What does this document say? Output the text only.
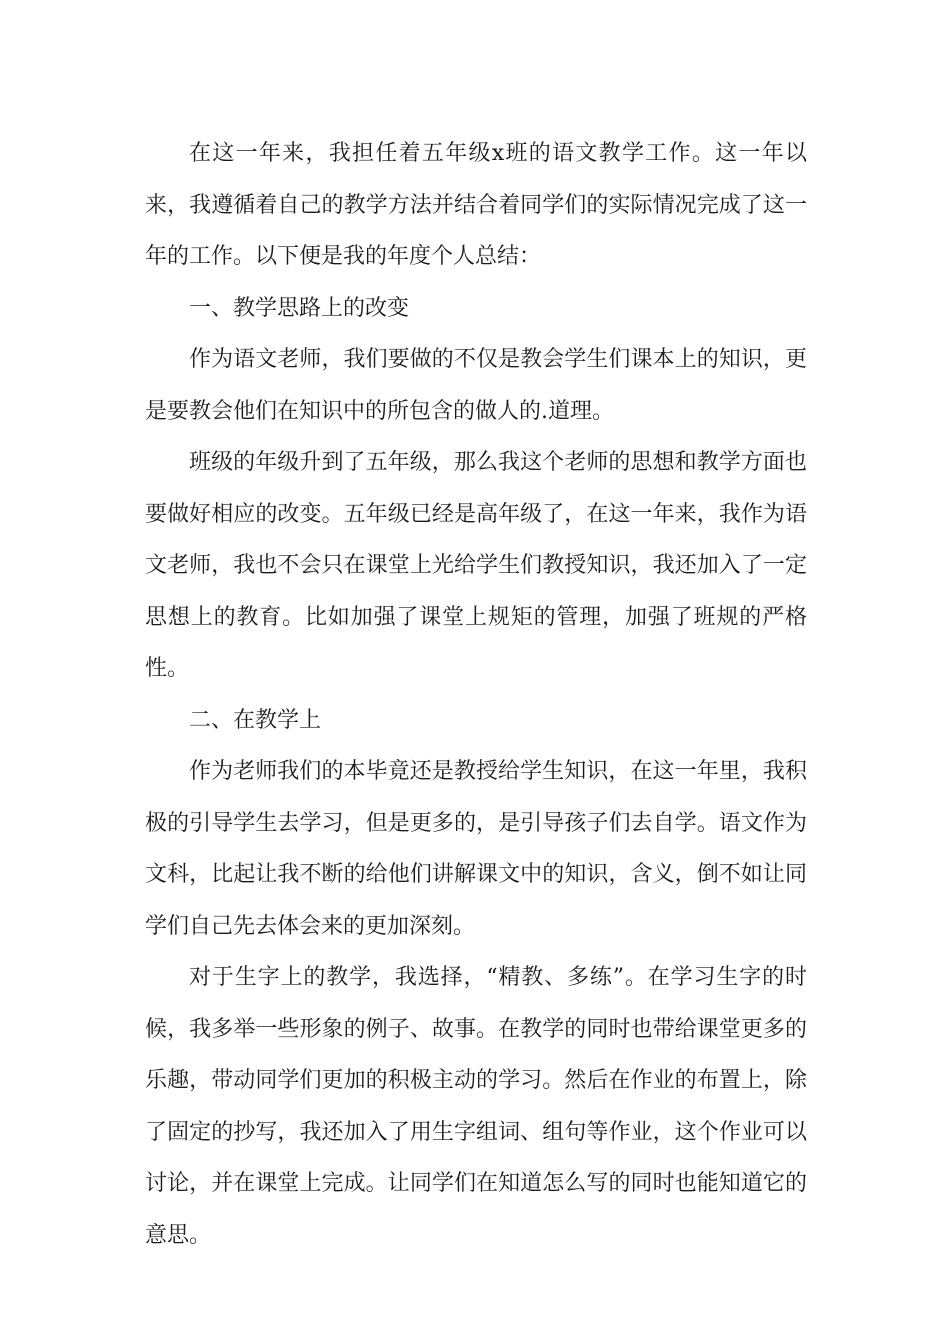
在这一年来，我担任着五年级x班的语文教学工作。这一年以来，我遵循着自己的教学方法并结合着同学们的实际情况完成了这一年的工作。以下便是我的年度个人总结：

一、教学思路上的改变

作为语文老师，我们要做的不仅是教会学生们课本上的知识，更是要教会他们在知识中的所包含的做人的.道理。

班级的年级升到了五年级，那么我这个老师的思想和教学方面也要做好相应的改变。五年级已经是高年级了，在这一年来，我作为语文老师，我也不会只在课堂上光给学生们教授知识，我还加入了一定思想上的教育。比如加强了课堂上规矩的管理，加强了班规的严格性。

二、在教学上

作为老师我们的本毕竟还是教授给学生知识，在这一年里，我积极的引导学生去学习，但是更多的，是引导孩子们去自学。语文作为文科，比起让我不断的给他们讲解课文中的知识，含义，倒不如让同学们自己先去体会来的更加深刻。

对于生字上的教学，我选择，“精教、多练”。在学习生字的时候，我多举一些形象的例子、故事。在教学的同时也带给课堂更多的乐趣，带动同学们更加的积极主动的学习。然后在作业的布置上，除了固定的抄写，我还加入了用生字组词、组句等作业，这个作业可以讨论，并在课堂上完成。让同学们在知道怎么写的同时也能知道它的意思。
